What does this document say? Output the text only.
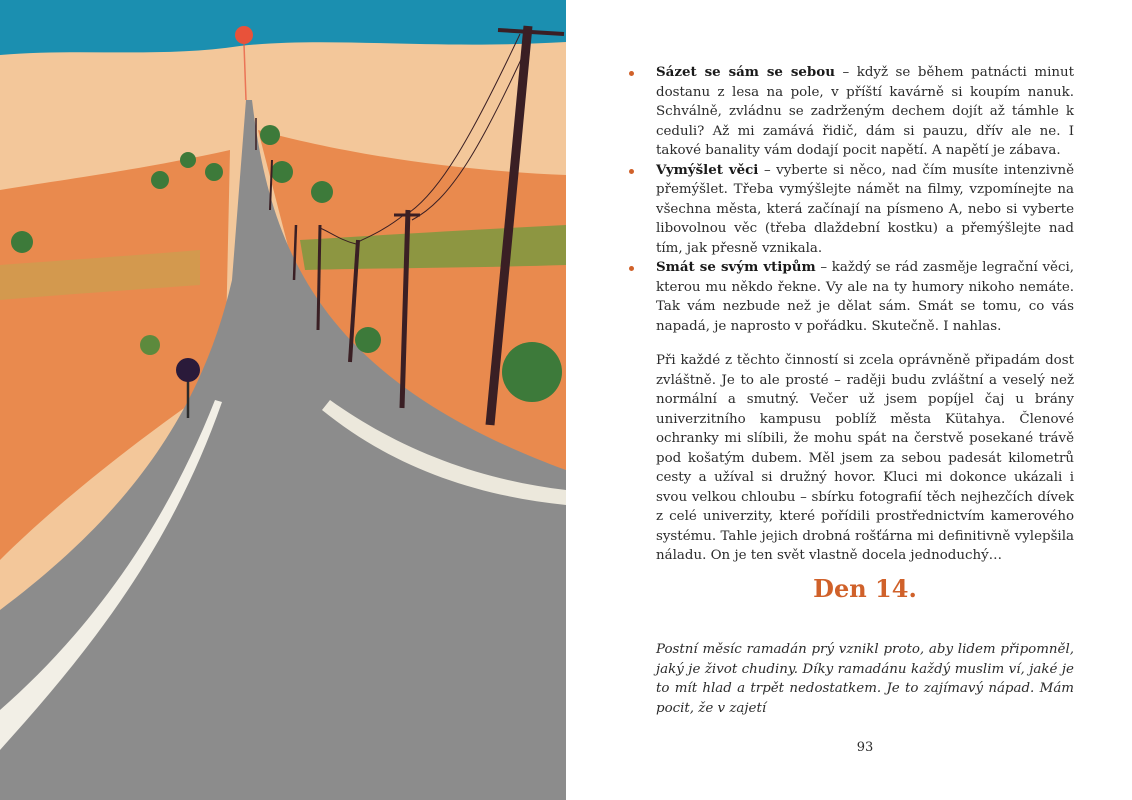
Sázet se sám se sebou – když se během patnácti minut dostanu z lesa na pole, v příští kavárně si koupím nanuk. Schválně, zvládnu se zadrženým dechem dojít až támhle k ceduli? Až mi zamává řidič, dám si pauzu, dřív ale ne. I takové banality vám dodají pocit napětí. A napětí je zábava.
Vymýšlet věci – vyberte si něco, nad čím musíte intenzivně přemýšlet. Třeba vymýšlejte námět na filmy, vzpomínejte na všechna města, která začínají na písmeno A, nebo si vyberte libovolnou věc (třeba dlaždební kostku) a přemýšlejte nad tím, jak přesně vznikala.
Smát se svým vtipům – každý se rád zasměje legrační věci, kterou mu někdo řekne. Vy ale na ty humory nikoho nemáte. Tak vám nezbude než je dělat sám. Smát se tomu, co vás napadá, je naprosto v pořádku. Skutečně. I nahlas.

Při každé z těchto činností si zcela oprávněně připadám dost zvláštně. Je to ale prosté – raději budu zvláštní a veselý než normální a smutný. Večer už jsem popíjel čaj u brány univerzitního kampusu poblíž města Kütahya. Členové ochranky mi slíbili, že mohu spát na čerstvě posekané trávě pod košatým dubem. Měl jsem za sebou padesát kilometrů cesty a užíval si družný hovor. Kluci mi dokonce ukázali i svou velkou chloubu – sbírku fotografií těch nejhezčích dívek z celé univerzity, které pořídili prostřednictvím kamerového systému. Tahle jejich drobná rošťárna mi definitivně vylepšila náladu. On je ten svět vlastně docela jednoduchý…

Den 14.

Postní měsíc ramadán prý vznikl proto, aby lidem připomněl, jaký je život chudiny. Díky ramadánu každý muslim ví, jaké je to mít hlad a trpět nedostatkem. Je to zajímavý nápad. Mám pocit, že v zajetí

93
